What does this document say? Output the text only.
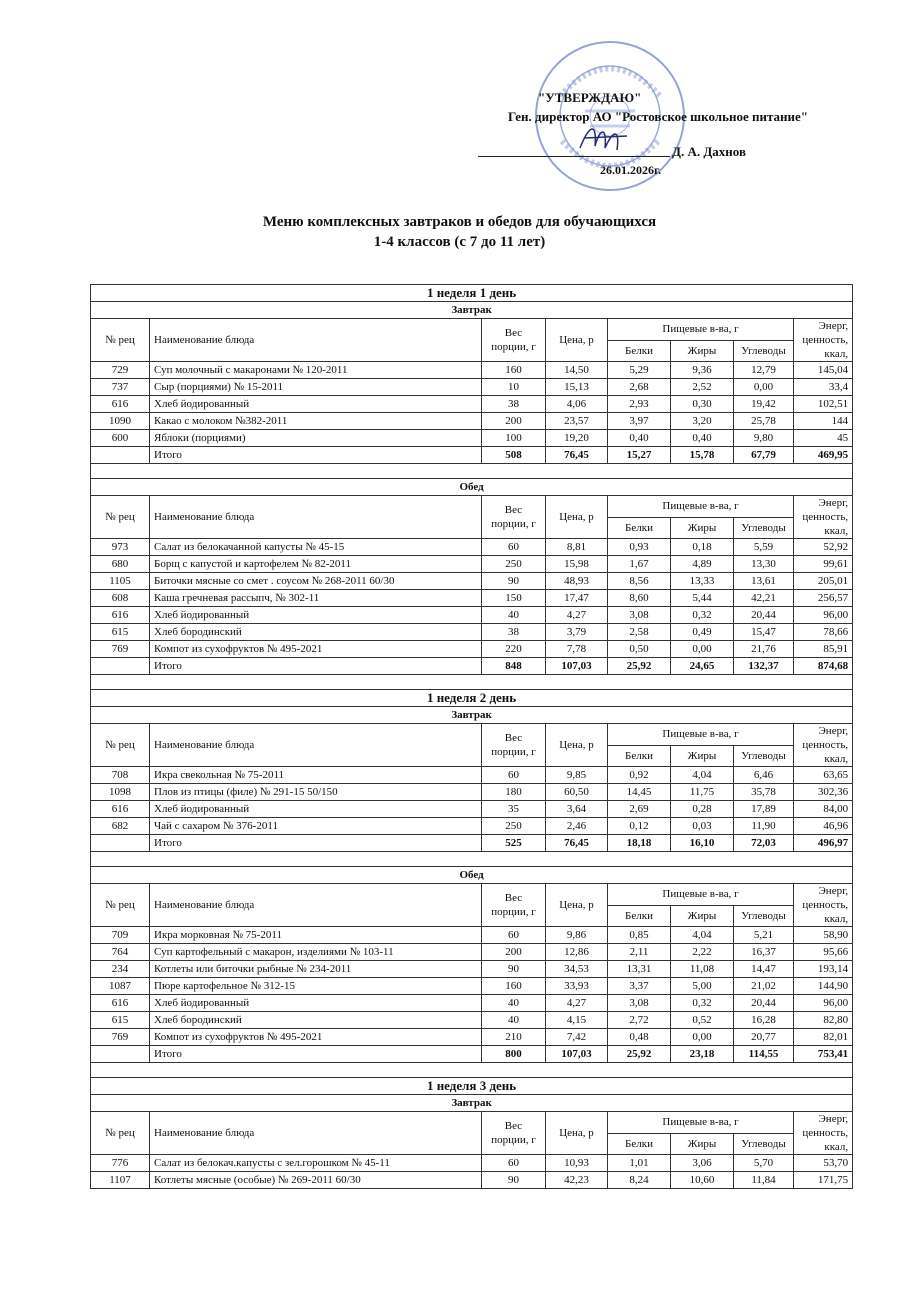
"УТВЕРЖДАЮ"
Ген. директор АО "Ростовское школьное питание"
Д. А. Дахнов
26.01.2026г.
Меню комплексных завтраков и обедов для обучающихся
1-4 классов (с 7 до 11 лет)
1 неделя 1 день							
Завтрак							
№ рец	Наименование блюда	Вес порции, г	Цена, р	Пищевые в-ва, г			Энерг, ценность, ккал,
				Белки	Жиры	Углеводы	
729	Суп молочный с макаронами № 120-2011	160	14,50	5,29	9,36	12,79	145,04
737	Сыр (порциями) № 15-2011	10	15,13	2,68	2,52	0,00	33,4
616	Хлеб йодированный	38	4,06	2,93	0,30	19,42	102,51
1090	Какао с молоком №382-2011	200	23,57	3,97	3,20	25,78	144
600	Яблоки (порциями)	100	19,20	0,40	0,40	9,80	45
	Итого	508	76,45	15,27	15,78	67,79	469,95

Обед							
№ рец	Наименование блюда	Вес порции, г	Цена, р	Пищевые в-ва, г			Энерг, ценность, ккал,
				Белки	Жиры	Углеводы	
973	Салат из белокачанной капусты № 45-15	60	8,81	0,93	0,18	5,59	52,92
680	Борщ с капустой и картофелем № 82-2011	250	15,98	1,67	4,89	13,30	99,61
1105	Биточки мясные со смет . соусом № 268-2011 60/30	90	48,93	8,56	13,33	13,61	205,01
608	Каша гречневая рассыпч, № 302-11	150	17,47	8,60	5,44	42,21	256,57
616	Хлеб йодированный	40	4,27	3,08	0,32	20,44	96,00
615	Хлеб бородинский	38	3,79	2,58	0,49	15,47	78,66
769	Компот из сухофруктов № 495-2021	220	7,78	0,50	0,00	21,76	85,91
	Итого	848	107,03	25,92	24,65	132,37	874,68

1 неделя 2 день							
Завтрак							
№ рец	Наименование блюда	Вес порции, г	Цена, р	Пищевые в-ва, г			Энерг, ценность, ккал,
				Белки	Жиры	Углеводы	
708	Икра свекольная № 75-2011	60	9,85	0,92	4,04	6,46	63,65
1098	Плов из птицы (филе) № 291-15 50/150	180	60,50	14,45	11,75	35,78	302,36
616	Хлеб йодированный	35	3,64	2,69	0,28	17,89	84,00
682	Чай с сахаром № 376-2011	250	2,46	0,12	0,03	11,90	46,96
	Итого	525	76,45	18,18	16,10	72,03	496,97

Обед							
№ рец	Наименование блюда	Вес порции, г	Цена, р	Пищевые в-ва, г			Энерг, ценность, ккал,
				Белки	Жиры	Углеводы	
709	Икра морковная № 75-2011	60	9,86	0,85	4,04	5,21	58,90
764	Суп картофельный с макарон, изделиями № 103-11	200	12,86	2,11	2,22	16,37	95,66
234	Котлеты или биточки рыбные № 234-2011	90	34,53	13,31	11,08	14,47	193,14
1087	Пюре картофельное № 312-15	160	33,93	3,37	5,00	21,02	144,90
616	Хлеб йодированный	40	4,27	3,08	0,32	20,44	96,00
615	Хлеб бородинский	40	4,15	2,72	0,52	16,28	82,80
769	Компот из сухофруктов № 495-2021	210	7,42	0,48	0,00	20,77	82,01
	Итого	800	107,03	25,92	23,18	114,55	753,41

1 неделя 3 день							
Завтрак							
№ рец	Наименование блюда	Вес порции, г	Цена, р	Пищевые в-ва, г			Энерг, ценность, ккал,
				Белки	Жиры	Углеводы	
776	Салат из белокач.капусты с зел.горошком № 45-11	60	10,93	1,01	3,06	5,70	53,70
1107	Котлеты мясные (особые) № 269-2011 60/30	90	42,23	8,24	10,60	11,84	171,75
